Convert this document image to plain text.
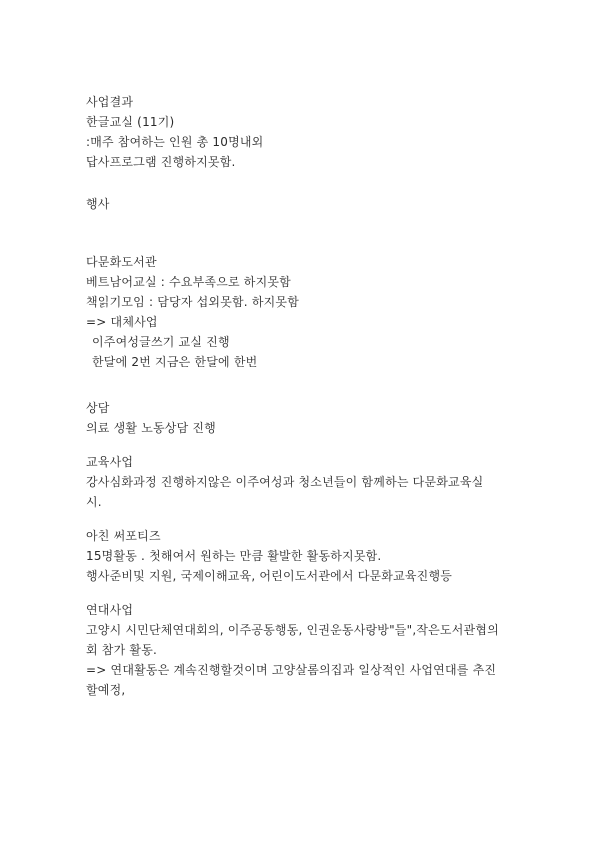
사업결과
한글교실 (11기)
:매주 참여하는 인원 총 10명내외
답사프로그램 진행하지못함.
행사
다문화도서관
베트남어교실 : 수요부족으로 하지못함
책읽기모임 : 담당자 섭외못함. 하지못함
=> 대체사업
이주여성글쓰기 교실 진행
한달에 2번 지금은 한달에 한번
상담
의료 생활 노동상담 진행
교육사업
강사심화과정 진행하지않은 이주여성과 청소년들이 함께하는 다문화교육실
시.
아친 써포티즈
15명활동 . 첫해여서 원하는 만큼 활발한 활동하지못함.
행사준비및 지원, 국제이해교육, 어린이도서관에서 다문화교육진행등
연대사업
고양시 시민단체연대회의, 이주공동행동, 인권운동사랑방"들",작은도서관협의
회 참가 활동.
=> 연대활동은 계속진행할것이며 고양살롬의집과 일상적인 사업연대를 추진
할예정,
